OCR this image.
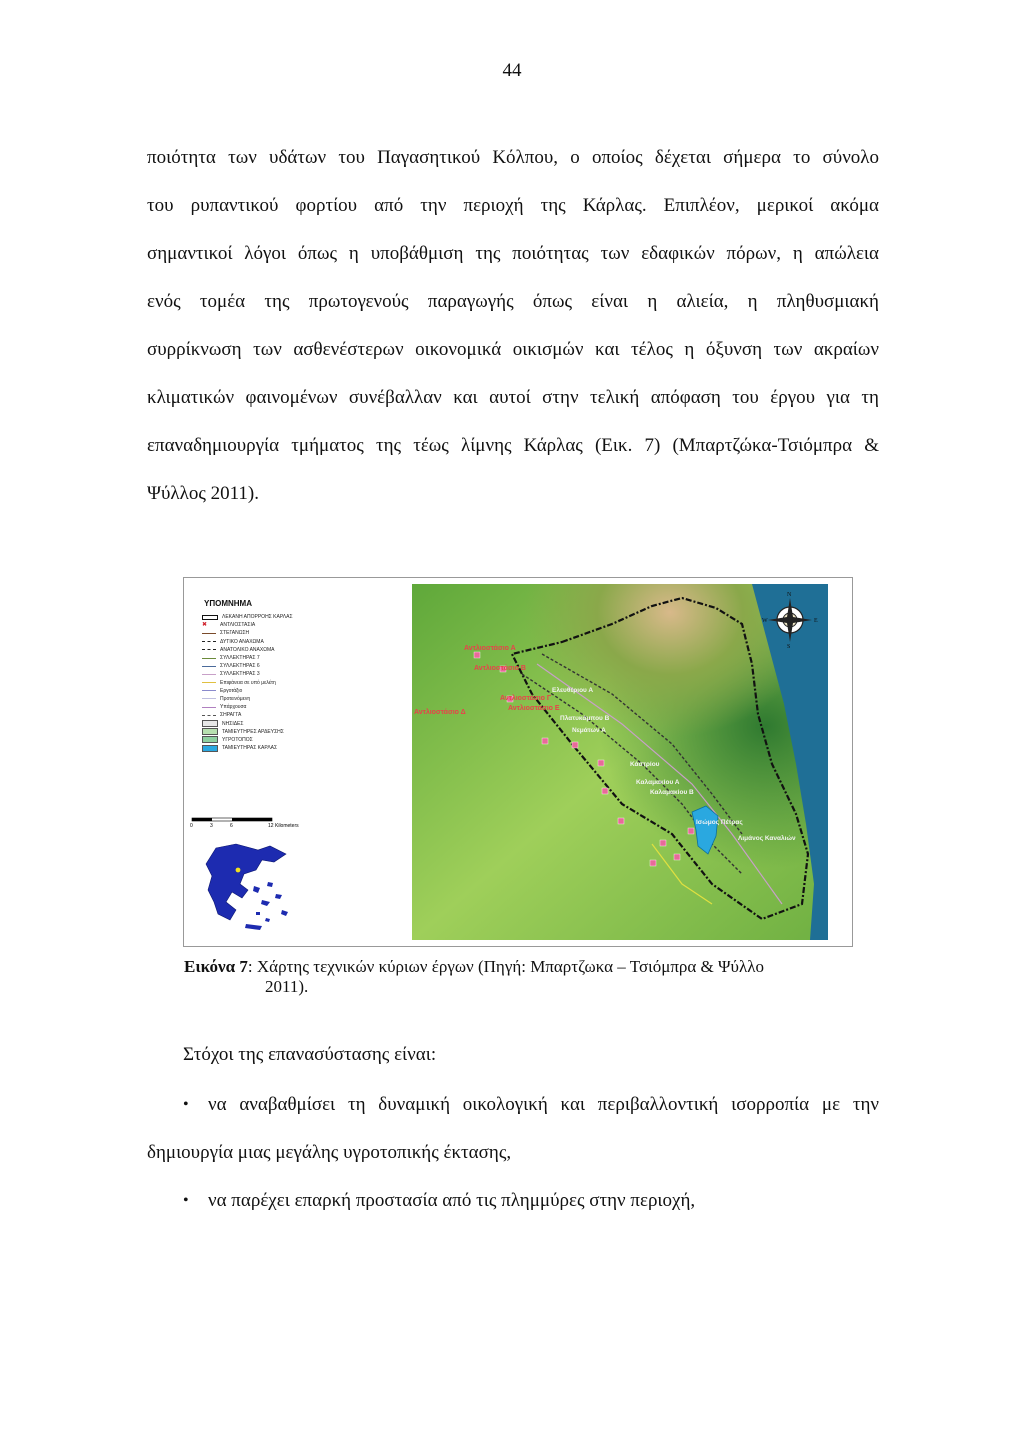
44
ποιότητα των υδάτων του Παγασητικού Κόλπου, ο οποίος δέχεται σήμερα το σύνολο
του ρυπαντικού φορτίου από την περιοχή της Κάρλας. Επιπλέον, μερικοί ακόμα
σημαντικοί λόγοι όπως η υποβάθμιση της ποιότητας των εδαφικών πόρων, η απώλεια
ενός τομέα της πρωτογενούς παραγωγής όπως είναι η αλιεία, η πληθυσμιακή
συρρίκνωση των ασθενέστερων οικονομικά οικισμών και τέλος η όξυνση των ακραίων
κλιματικών φαινομένων συνέβαλλαν και αυτοί στην τελική απόφαση του έργου για τη
επαναδημιουργία τμήματος της τέως λίμνης Κάρλας (Εικ. 7) (Μπαρτζώκα-Τσιόμπρα &
Ψύλλος 2011).
ΥΠΟΜΝΗΜΑ
ΛΕΚΑΝΗ ΑΠΟΡΡΟΗΣ ΚΑΡΛΑΣ
✖	ΑΝΤΛΙΟΣΤΑΣΙΑ
ΣΤΕΓΑΝΩΣΗ
ΔΥΤΙΚΟ ΑΝΑΧΩΜΑ
ΑΝΑΤΟΛΙΚΟ ΑΝΑΧΩΜΑ
ΣΥΛΛΕΚΤΗΡΑΣ 7
ΣΥΛΛΕΚΤΗΡΑΣ 6
ΣΥΛΛΕΚΤΗΡΑΣ 3
Επιφάνεια σε υπό μελέτη
Εργοτάξιο
Προτεινόμενη
Υπάρχουσα
ΣΗΡΑΓΓΑ
ΝΗΣΙΔΕΣ
ΤΑΜΙΕΥΤΗΡΕΣ ΑΡΔΕΥΣΗΣ
ΥΓΡΟΤΟΠΟΣ
ΤΑΜΙΕΥΤΗΡΑΣ ΚΑΡΛΑΣ
0	3	6	12 Kilometers
Αντλιοστάσιο Α
Αντλιοστάσιο Β
Αντλιοστάσιο Γ
Αντλιοστάσιο Δ
Αντλιοστάσιο Ε
Ελευθέριου Α
Πλατυκάμπου Β
Νεμάτων Α
Κάστρίου
Καλαμακίου Α
Καλαμακίου Β
Ισώμος Πέτρας
Λιμάνος Καναλιών
N
S
W	E
Εικόνα 7: Χάρτης τεχνικών κύριων έργων (Πηγή: Μπαρτζωκα – Τσιόμπρα & Ψύλλο
2011).
Στόχοι της επανασύστασης είναι:
•	να αναβαθμίσει τη δυναμική οικολογική και περιβαλλοντική ισορροπία με την
δημιουργία μιας μεγάλης υγροτοπικής έκτασης,
•	να παρέχει επαρκή προστασία από τις πλημμύρες στην περιοχή,
